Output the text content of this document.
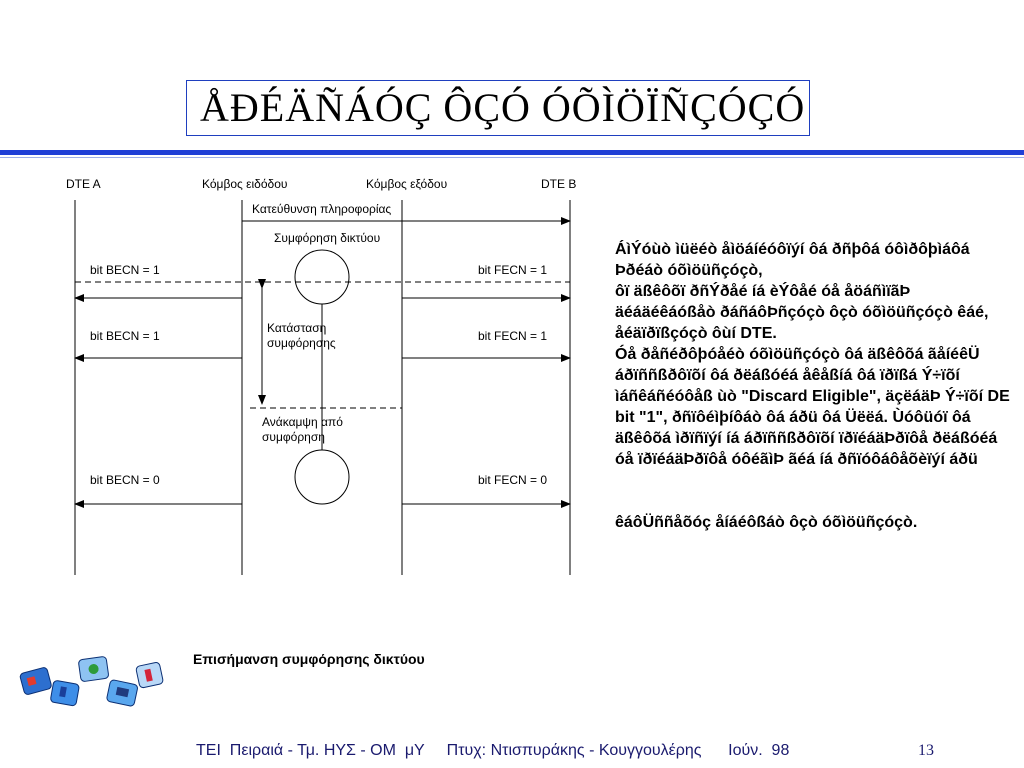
ÅÐÉÄÑÁÓÇ ÔÇÓ ÓÕÌÖÏÑÇÓÇÓ
DTE A	Κόμβος ειδόδου	Κόμβος εξόδου	DTE B
Κατεύθυνση πληροφορίας
Συμφόρηση δικτύου
Κατάσταση
συμφόρησης
Ανάκαμψη από
συμφόρηση
bit BECN = 1
bit BECN = 1
bit BECN = 0
bit FECN = 1
bit FECN = 1
bit FECN = 0

ÁìÝóùò ìüëéò åìöáíéóôïýí ôá ðñþôá óôìðôþìáôá Þðéáò óõìöüñçóçò,
ôï äßêôõï ðñÝðåé íá èÝôåé óå åöáñìïãÞ äéáäéêáóßåò ðáñáôÞñçóçò ôçò óõìöüñçóçò êáé, åéäïðïßçóçò ôùí DTE.
Óå ðåñéðôþóåéò óõìöüñçóçò ôá äßêôõá ãåíéêÜ áðïññßðôïõí ôá ðëáßóéá åêåßíá ôá ïðïßá Ý÷ïõí ìáñêáñéóôåß ùò "Discard Eligible", äçëáäÞ Ý÷ïõí DE bit "1", ðñïôéìþíôáò ôá áðü ôá Üëëá. Ùóôüóï ôá äßêôõá ìðïñïýí íá áðïññßðôïõí ïðïéáäÞðïôå ðëáßóéá óå ïðïéáäÞðïôå óôéãìÞ ãéá íá ðñïóôáôåõèïýí áðü

êáôÜññåõóç åíáéôßáò ôçò óõìöüñçóçò.

Επισήμανση συμφόρησης δικτύου
ΤΕΙ  Πειραιά - Τμ. ΗΥΣ - ΟΜ  μΥ     Πτυχ: Ντισπυράκης - Κουγγουλέρης      Ιούν.  98	13
